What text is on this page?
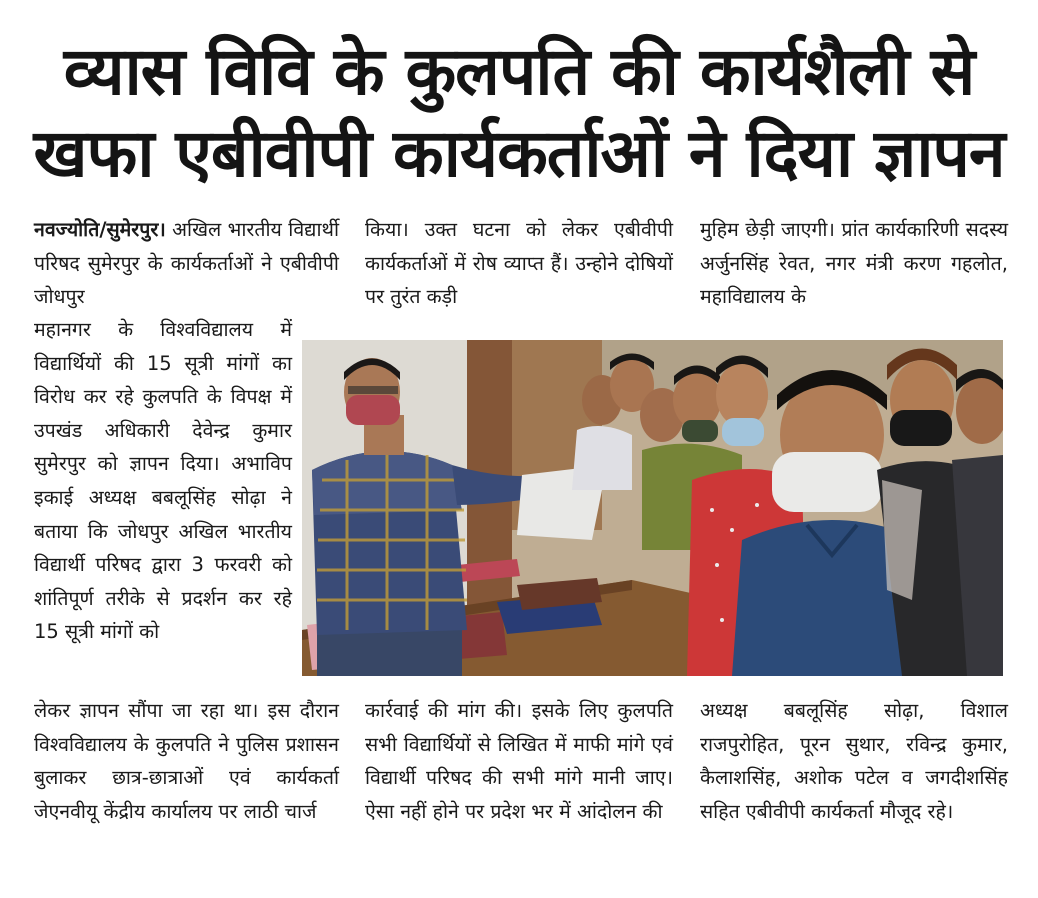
व्यास विवि के कुलपति की कार्यशैली से
खफा एबीवीपी कार्यकर्ताओं ने दिया ज्ञापन

नवज्योति/सुमेरपुर। अखिल भारतीय विद्यार्थी परिषद सुमेरपुर के कार्यकर्ताओं ने एबीवीपी जोधपुर

महानगर के विश्वविद्यालय में विद्यार्थियों की 15 सूत्री मांगों का विरोध कर रहे कुलपति के विपक्ष में उपखंड अधिकारी देवेन्द्र कुमार सुमेरपुर को ज्ञापन दिया। अभाविप इकाई अध्यक्ष बबलूसिंह सोढ़ा ने बताया कि जोधपुर अखिल भारतीय विद्यार्थी परिषद द्वारा 3 फरवरी को शांतिपूर्ण तरीके से प्रदर्शन कर रहे 15 सूत्री मांगों को

लेकर ज्ञापन सौंपा जा रहा था। इस दौरान विश्वविद्यालय के कुलपति ने पुलिस प्रशासन बुलाकर छात्र-छात्राओं एवं कार्यकर्ता जेएनवीयू केंद्रीय कार्यालय पर लाठी चार्ज

किया। उक्त घटना को लेकर एबीवीपी कार्यकर्ताओं में रोष व्याप्त हैं। उन्होने दोषियों पर तुरंत कड़ी

कार्रवाई की मांग की। इसके लिए कुलपति सभी विद्यार्थियों से लिखित में माफी मांगे एवं विद्यार्थी परिषद की सभी मांगे मानी जाए। ऐसा नहीं होने पर प्रदेश भर में आंदोलन की

मुहिम छेड़ी जाएगी। प्रांत कार्यकारिणी सदस्य अर्जुनसिंह रेवत, नगर मंत्री करण गहलोत, महाविद्यालय के

अध्यक्ष बबलूसिंह सोढ़ा, विशाल राजपुरोहित, पूरन सुथार, रविन्द्र कुमार, कैलाशसिंह, अशोक पटेल व जगदीशसिंह सहित एबीवीपी कार्यकर्ता मौजूद रहे।
